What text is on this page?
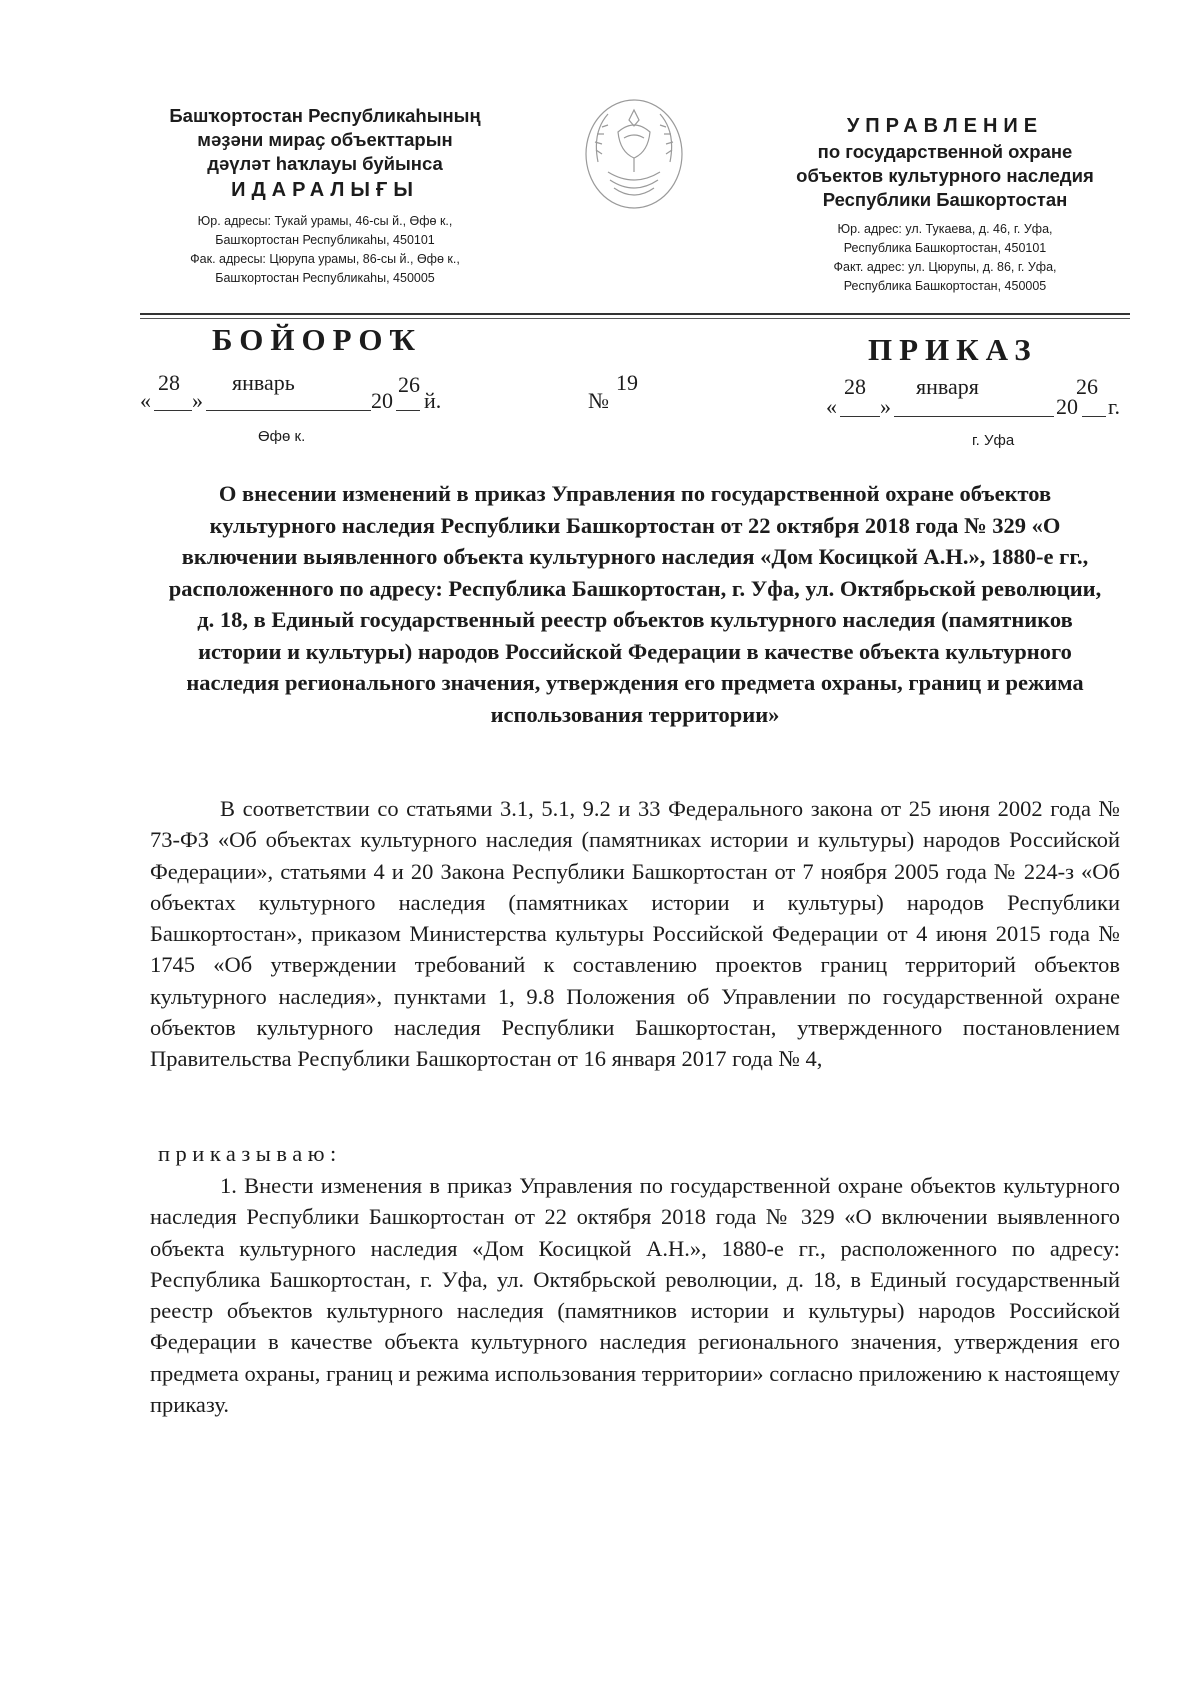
Башҡортостан Республикаһының
мәҙәни мираҫ объекттарын
дәүләт һаҡлауы буйынса
ИДАРАЛЫҒЫ
Юр. адресы: Тукай урамы, 46-сы й., Өфө к.,
Башҡортостан Республикаһы, 450101
Фак. адресы: Цюрупа урамы, 86-сы й., Өфө к.,
Башҡортостан Республикаһы, 450005
УПРАВЛЕНИЕ
по государственной охране
объектов культурного наследия
Республики Башкортостан
Юр. адрес: ул. Тукаева, д. 46, г. Уфа,
Республика Башкортостан, 450101
Факт. адрес: ул. Цюрупы, д. 86, г. Уфа,
Республика Башкортостан, 450005
БОЙОРОҠ	ПРИКАЗ
«
28
»
январь
20
26
й.	№
19
«
28
»
января
20
26
г.
Өфө к.	г. Уфа
О внесении изменений в приказ Управления по государственной охране объектов культурного наследия Республики Башкортостан от 22 октября 2018 года № 329 «О включении выявленного объекта культурного наследия «Дом Косицкой А.Н.», 1880-е гг., расположенного по адресу: Республика Башкортостан, г. Уфа, ул. Октябрьской революции, д. 18, в Единый государственный реестр объектов культурного наследия (памятников истории и культуры) народов Российской Федерации в качестве объекта культурного наследия регионального значения, утверждения его предмета охраны, границ и режима использования территории»
В соответствии со статьями 3.1, 5.1, 9.2 и 33 Федерального закона от 25 июня 2002 года № 73-ФЗ «Об объектах культурного наследия (памятниках истории и культуры) народов Российской Федерации», статьями 4 и 20 Закона Республики Башкортостан от 7 ноября 2005 года № 224-з «Об объектах культурного наследия (памятниках истории и культуры) народов Республики Башкортостан», приказом Министерства культуры Российской Федерации от 4 июня 2015 года № 1745 «Об утверждении требований к составлению проектов границ территорий объектов культурного наследия», пунктами 1, 9.8 Положения об Управлении по государственной охране объектов культурного наследия Республики Башкортостан, утвержденного постановлением Правительства Республики Башкортостан от 16 января 2017 года № 4,
приказываю:
1. Внести изменения в приказ Управления по государственной охране объектов культурного наследия Республики Башкортостан от 22 октября 2018 года № 329 «О включении выявленного объекта культурного наследия «Дом Косицкой А.Н.», 1880-е гг., расположенного по адресу: Республика Башкортостан, г. Уфа, ул. Октябрьской революции, д. 18, в Единый государственный реестр объектов культурного наследия (памятников истории и культуры) народов Российской Федерации в качестве объекта культурного наследия регионального значения, утверждения его предмета охраны, границ и режима использования территории» согласно приложению к настоящему приказу.
